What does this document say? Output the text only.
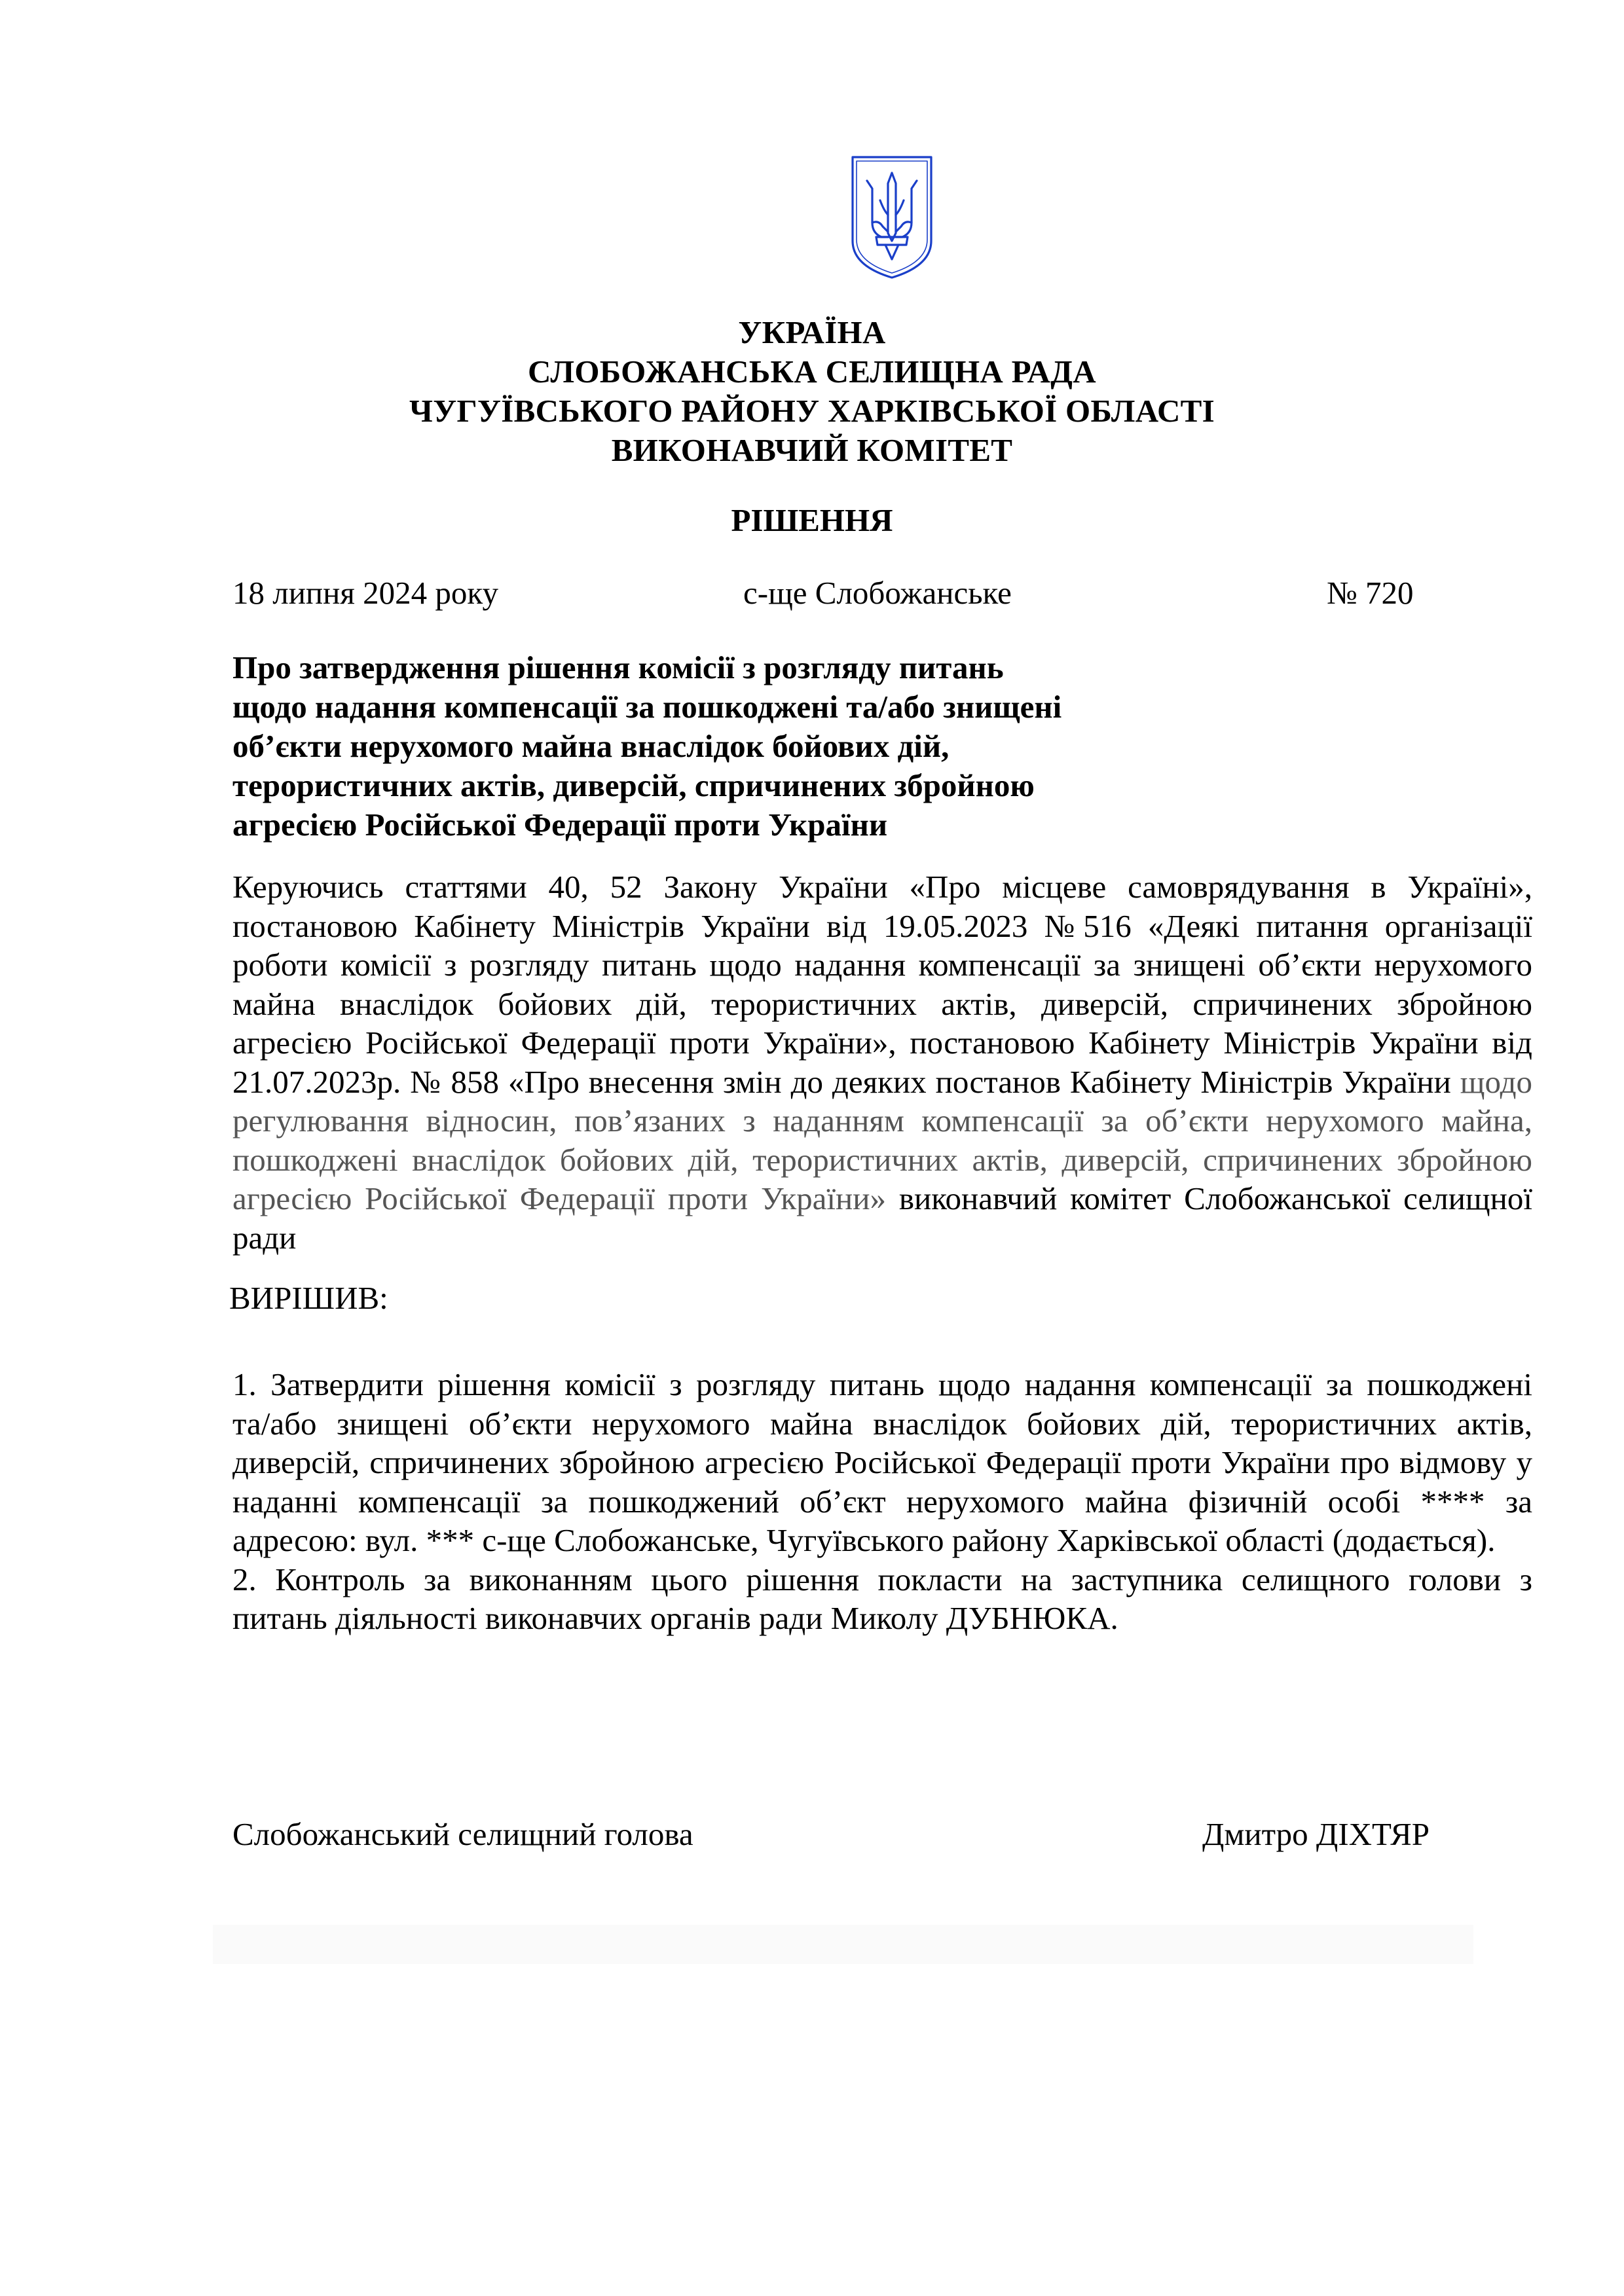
УКРАЇНА
СЛОБОЖАНСЬКА СЕЛИЩНА РАДА
ЧУГУЇВСЬКОГО РАЙОНУ ХАРКІВСЬКОЇ ОБЛАСТІ
ВИКОНАВЧИЙ КОМІТЕТ
РІШЕННЯ
18 липня 2024 року	с-ще Слобожанське	№ 720
Про затвердження рішення комісії з розгляду питань
щодо надання компенсації за пошкоджені та/або знищені
об’єкти нерухомого майна внаслідок бойових дій,
терористичних актів, диверсій, спричинених збройною
агресією Російської Федерації проти України
Керуючись статтями 40, 52 Закону України «Про місцеве самоврядування в Україні»,
постановою Кабінету Міністрів України від 19.05.2023 №516 «Деякі питання організації
роботи комісії з розгляду питань щодо надання компенсації за знищені об’єкти нерухомого
майна внаслідок бойових дій, терористичних актів, диверсій, спричинених збройною
агресією Російської Федерації проти України», постановою Кабінету Міністрів України від
21.07.2023р. № 858 «Про внесення змін до деяких постанов Кабінету Міністрів України щодо
регулювання відносин, пов’язаних з наданням компенсації за об’єкти нерухомого майна,
пошкоджені внаслідок бойових дій, терористичних актів, диверсій, спричинених збройною
агресією Російської Федерації проти України» виконавчий комітет Слобожанської селищної
ради
ВИРІШИВ:
1. Затвердити рішення комісії з розгляду питань щодо надання компенсації за пошкоджені
та/або знищені об’єкти нерухомого майна внаслідок бойових дій, терористичних актів,
диверсій, спричинених збройною агресією Російської Федерації проти України про відмову у
наданні компенсації за пошкоджений об’єкт нерухомого майна фізичній особі **** за
адресою: вул. *** с-ще Слобожанське, Чугуївського району Харківської області (додається).
2. Контроль за виконанням цього рішення покласти на заступника селищного голови з
питань діяльності виконавчих органів ради Миколу ДУБНЮКА.
Слобожанський селищний голова	Дмитро ДІХТЯР
